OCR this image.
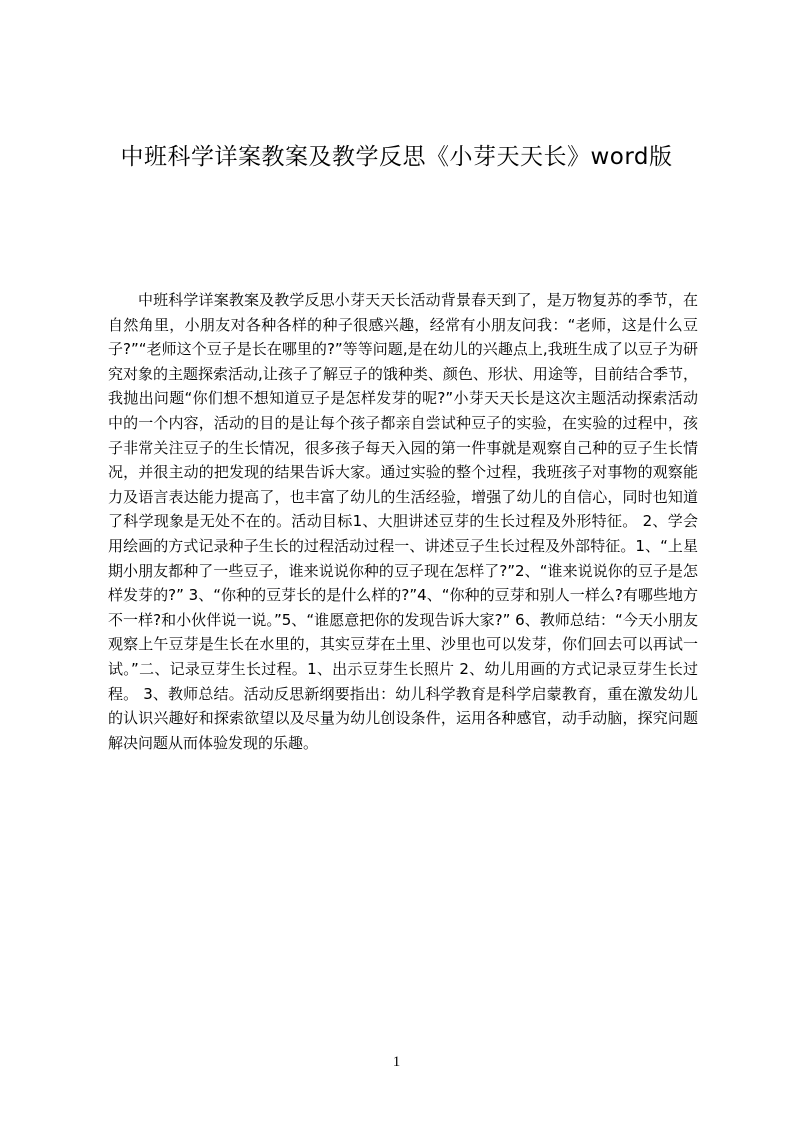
中班科学详案教案及教学反思《小芽天天长》word版

中班科学详案教案及教学反思小芽天天长活动背景春天到了，是万物复苏的季节，在自然角里，小朋友对各种各样的种子很感兴趣，经常有小朋友问我：“老师，这是什么豆子?”“老师这个豆子是长在哪里的?”等等问题,是在幼儿的兴趣点上,我班生成了以豆子为研究对象的主题探索活动,让孩子了解豆子的饿种类、颜色、形状、用途等，目前结合季节，我抛出问题“你们想不想知道豆子是怎样发芽的呢?”小芽天天长是这次主题活动探索活动中的一个内容，活动的目的是让每个孩子都亲自尝试种豆子的实验，在实验的过程中，孩子非常关注豆子的生长情况，很多孩子每天入园的第一件事就是观察自己种的豆子生长情况，并很主动的把发现的结果告诉大家。通过实验的整个过程，我班孩子对事物的观察能力及语言表达能力提高了，也丰富了幼儿的生活经验，增强了幼儿的自信心，同时也知道了科学现象是无处不在的。活动目标1、大胆讲述豆芽的生长过程及外形特征。 2、学会用绘画的方式记录种子生长的过程活动过程一、讲述豆子生长过程及外部特征。1、“上星期小朋友都种了一些豆子，谁来说说你种的豆子现在怎样了?”2、“谁来说说你的豆子是怎样发芽的?” 3、“你种的豆芽长的是什么样的?”4、“你种的豆芽和别人一样么?有哪些地方不一样?和小伙伴说一说。”5、“谁愿意把你的发现告诉大家?” 6、教师总结：“今天小朋友观察上午豆芽是生长在水里的，其实豆芽在土里、沙里也可以发芽，你们回去可以再试一试。”二、记录豆芽生长过程。1、出示豆芽生长照片 2、幼儿用画的方式记录豆芽生长过程。 3、教师总结。活动反思新纲要指出：幼儿科学教育是科学启蒙教育，重在激发幼儿的认识兴趣好和探索欲望以及尽量为幼儿创设条件，运用各种感官，动手动脑，探究问题解决问题从而体验发现的乐趣。

1
